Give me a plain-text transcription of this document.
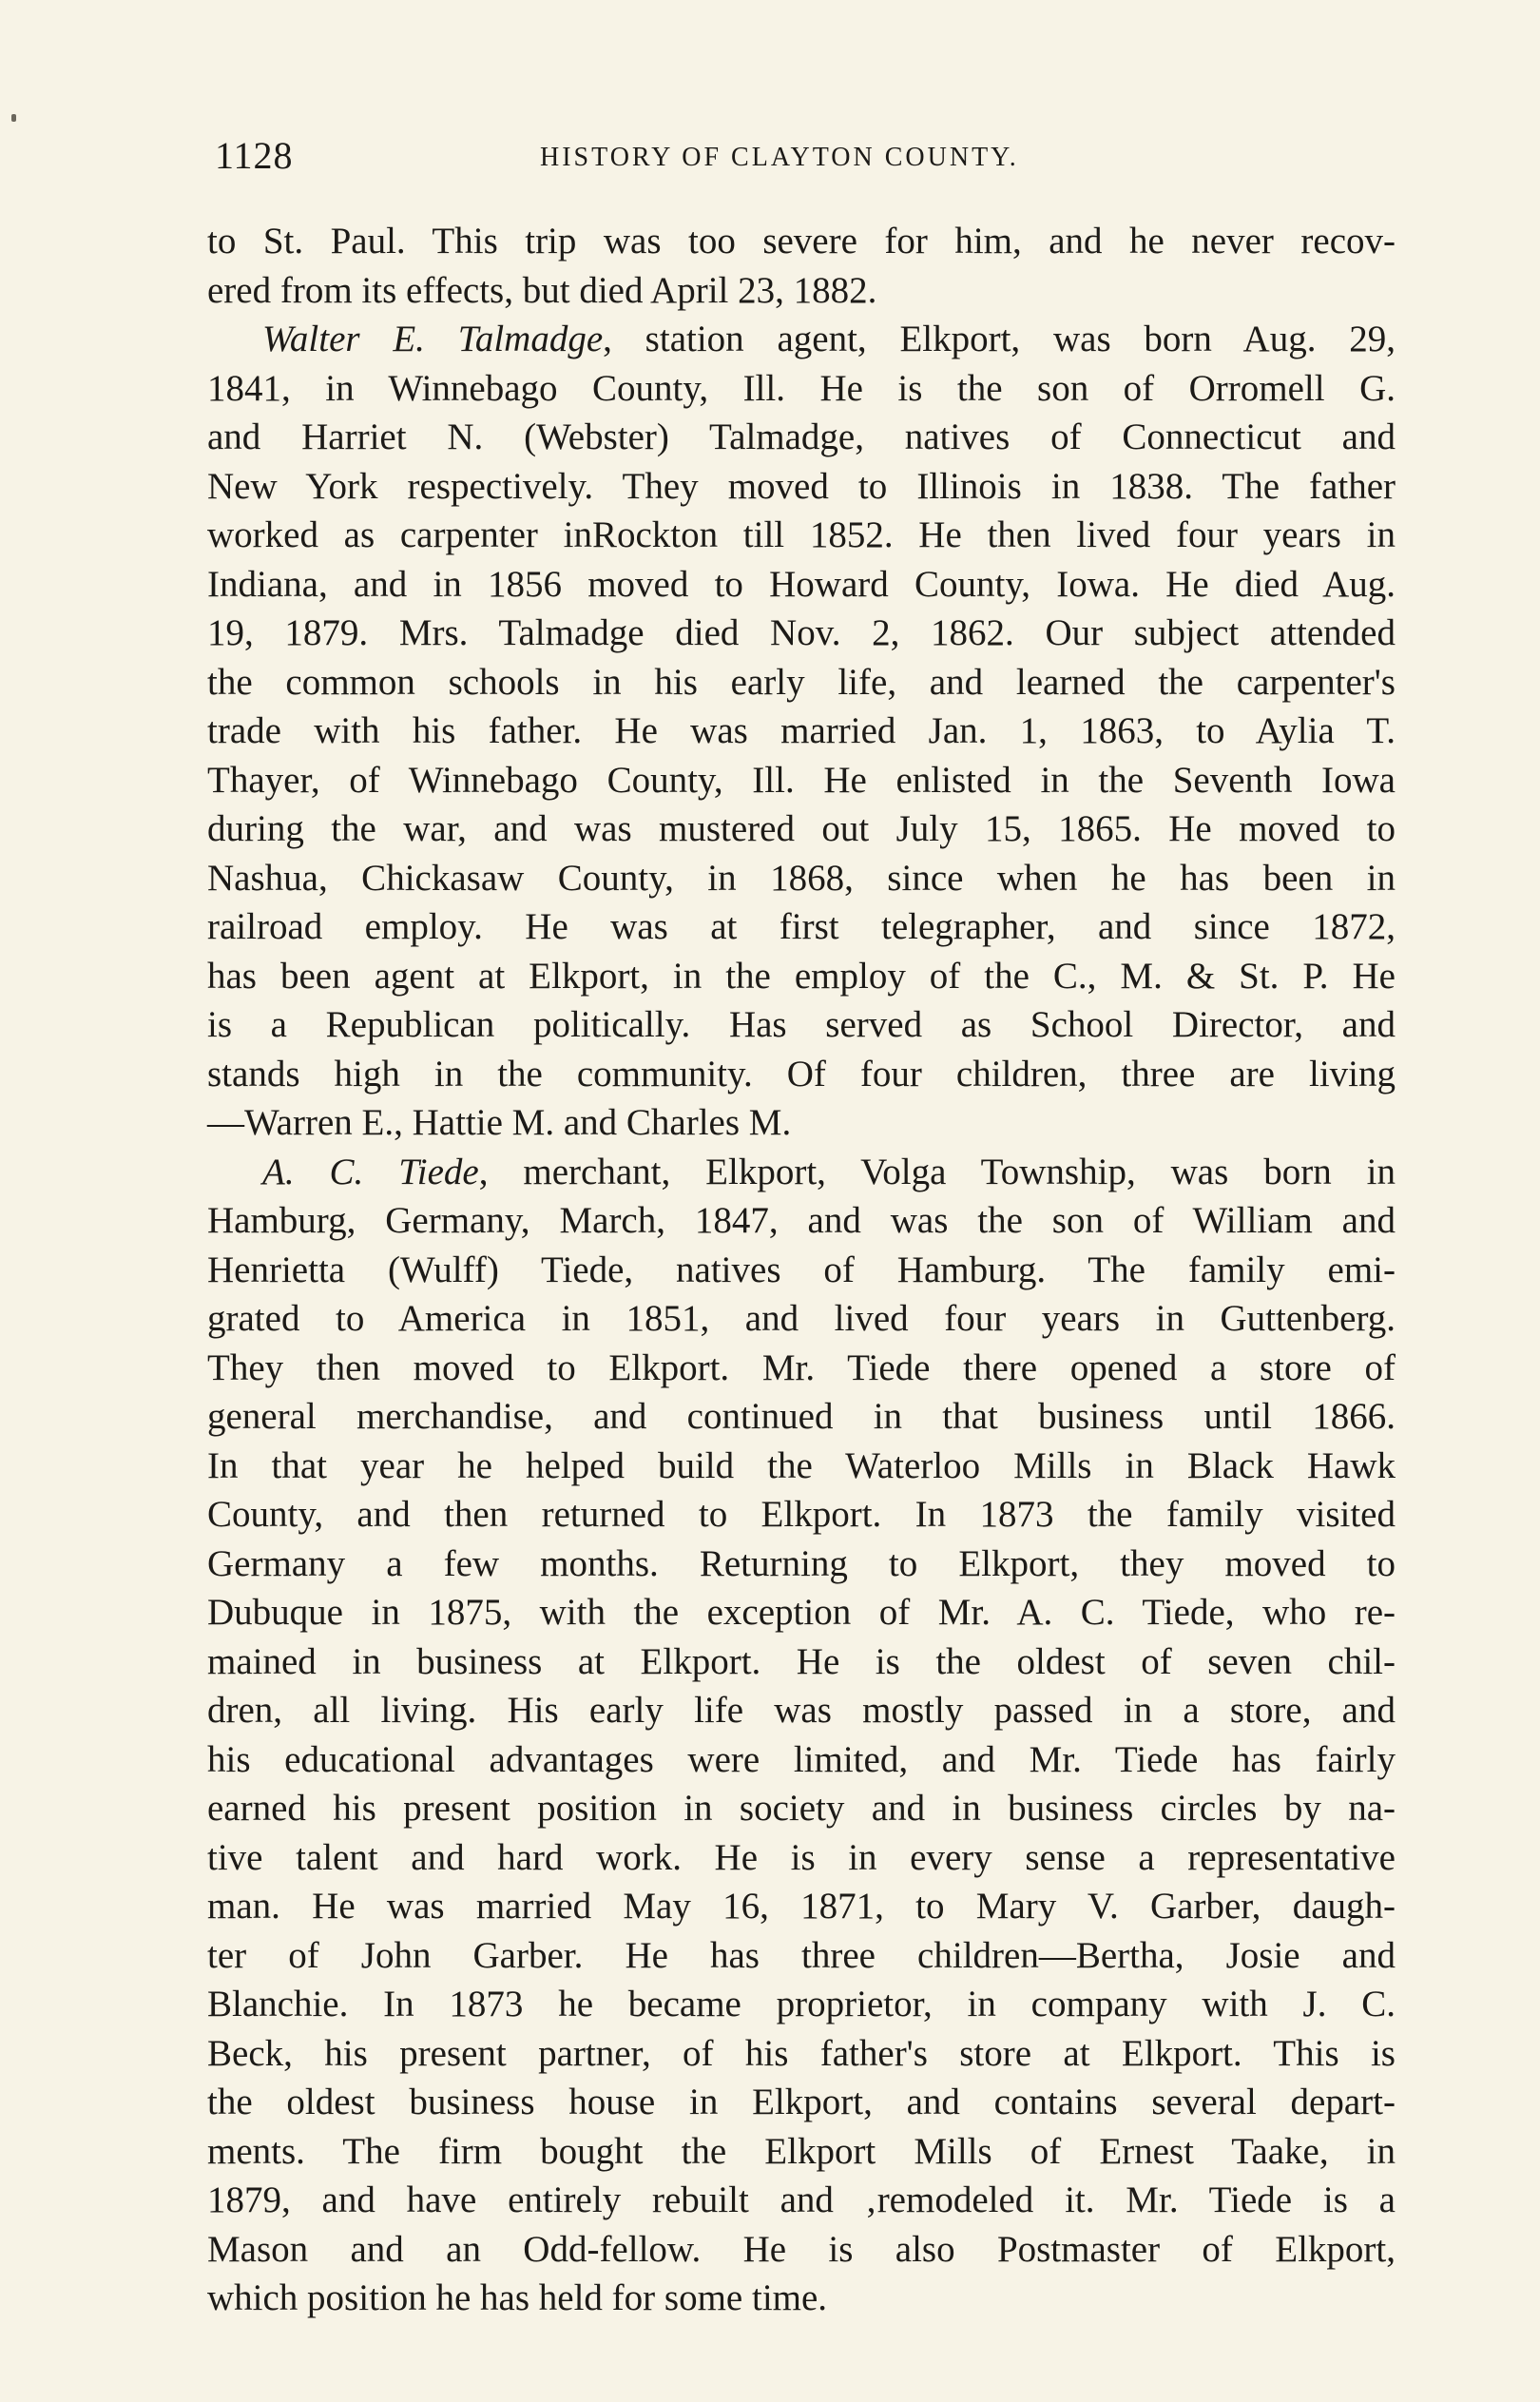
1128	HISTORY OF CLAYTON COUNTY.
to St. Paul. This trip was too severe for him, and he never recov-
ered from its effects, but died April 23, 1882.
Walter E. Talmadge, station agent, Elkport, was born Aug. 29,
1841, in Winnebago County, Ill. He is the son of Orromell G.
and Harriet N. (Webster) Talmadge, natives of Connecticut and
New York respectively. They moved to Illinois in 1838. The father
worked as carpenter inRockton till 1852. He then lived four years in
Indiana, and in 1856 moved to Howard County, Iowa. He died Aug.
19, 1879. Mrs. Talmadge died Nov. 2, 1862. Our subject attended
the common schools in his early life, and learned the carpenter's
trade with his father. He was married Jan. 1, 1863, to Aylia T.
Thayer, of Winnebago County, Ill. He enlisted in the Seventh Iowa
during the war, and was mustered out July 15, 1865. He moved to
Nashua, Chickasaw County, in 1868, since when he has been in
railroad employ. He was at first telegrapher, and since 1872,
has been agent at Elkport, in the employ of the C., M. & St. P. He
is a Republican politically. Has served as School Director, and
stands high in the community. Of four children, three are living
—Warren E., Hattie M. and Charles M.
A. C. Tiede, merchant, Elkport, Volga Township, was born in
Hamburg, Germany, March, 1847, and was the son of William and
Henrietta (Wulff) Tiede, natives of Hamburg. The family emi-
grated to America in 1851, and lived four years in Guttenberg.
They then moved to Elkport. Mr. Tiede there opened a store of
general merchandise, and continued in that business until 1866.
In that year he helped build the Waterloo Mills in Black Hawk
County, and then returned to Elkport. In 1873 the family visited
Germany a few months. Returning to Elkport, they moved to
Dubuque in 1875, with the exception of Mr. A. C. Tiede, who re-
mained in business at Elkport. He is the oldest of seven chil-
dren, all living. His early life was mostly passed in a store, and
his educational advantages were limited, and Mr. Tiede has fairly
earned his present position in society and in business circles by na-
tive talent and hard work. He is in every sense a representative
man. He was married May 16, 1871, to Mary V. Garber, daugh-
ter of John Garber. He has three children—Bertha, Josie and
Blanchie. In 1873 he became proprietor, in company with J. C.
Beck, his present partner, of his father's store at Elkport. This is
the oldest business house in Elkport, and contains several depart-
ments. The firm bought the Elkport Mills of Ernest Taake, in
1879, and have entirely rebuilt and ‚remodeled it. Mr. Tiede is a
Mason and an Odd-fellow. He is also Postmaster of Elkport,
which position he has held for some time.
